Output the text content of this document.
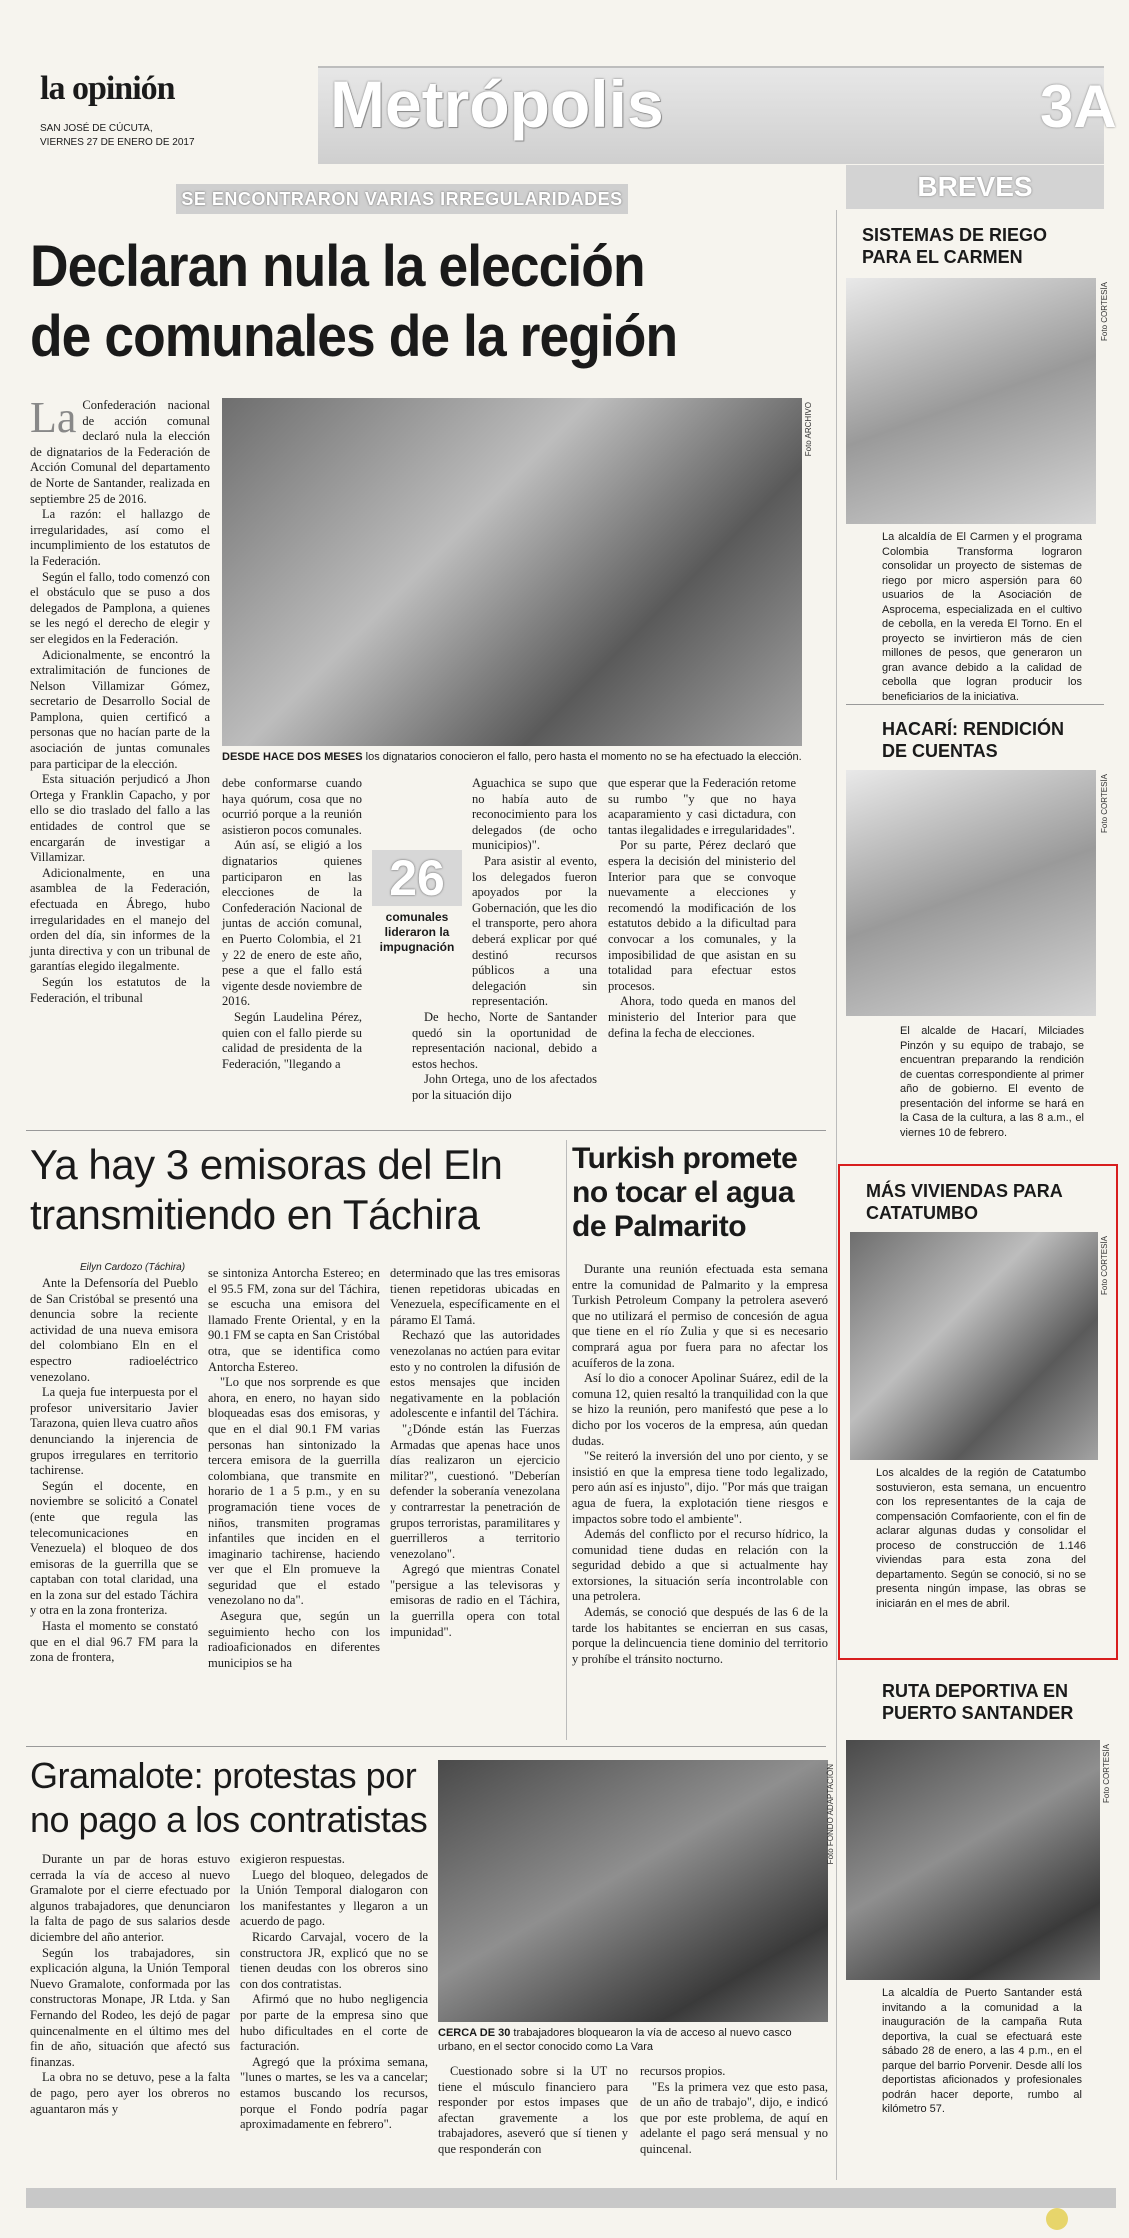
la opinión
SAN JOSÉ DE CÚCUTA,
VIERNES 27 DE ENERO DE 2017
Metrópolis	3A
BREVES
SE ENCONTRARON VARIAS IRREGULARIDADES
Declaran nula la elección
de comunales de la región
La Confederación nacional de acción comunal declaró nula la elección de dignatarios de la Federación de Acción Comunal del departamento de Norte de Santander, realizada en septiembre 25 de 2016.

La razón: el hallazgo de irregularidades, así como el incumplimiento de los estatutos de la Federación.

Según el fallo, todo comenzó con el obstáculo que se puso a dos delegados de Pamplona, a quienes se les negó el derecho de elegir y ser elegidos en la Federación.

Adicionalmente, se encontró la extralimitación de funciones de Nelson Villamizar Gómez, secretario de Desarrollo Social de Pamplona, quien certificó a personas que no hacían parte de la asociación de juntas comunales para participar de la elección.

Esta situación perjudicó a Jhon Ortega y Franklin Capacho, y por ello se dio traslado del fallo a las entidades de control que se encargarán de investigar a Villamizar.

Adicionalmente, en una asamblea de la Federación, efectuada en Ábrego, hubo irregularidades en el manejo del orden del día, sin informes de la junta directiva y con un tribunal de garantías elegido ilegalmente.

Según los estatutos de la Federación, el tribunal

Foto ARCHIVO
DESDE HACE DOS MESES los dignatarios conocieron el fallo, pero hasta el momento no se ha efectuado la elección.

debe conformarse cuando haya quórum, cosa que no ocurrió porque a la reunión asistieron pocos comunales.

Aún así, se eligió a los dignatarios quienes participaron en las elecciones de la Confederación Nacional de juntas de acción comunal, en Puerto Colombia, el 21 y 22 de enero de este año, pese a que el fallo está vigente desde noviembre de 2016.

Según Laudelina Pérez, quien con el fallo pierde su calidad de presidenta de la Federación, "llegando a

26
comunales lideraron la impugnación

Aguachica se supo que no había auto de reconocimiento para los delegados (de ocho municipios)".

Para asistir al evento, los delegados fueron apoyados por la Gobernación, que les dio el transporte, pero ahora deberá explicar por qué destinó recursos públicos a una delegación sin representación.

De hecho, Norte de Santander quedó sin la oportunidad de representación nacional, debido a estos hechos.

John Ortega, uno de los afectados por la situación dijo

que esperar que la Federación retome su rumbo "y que no haya acaparamiento y casi dictadura, con tantas ilegalidades e irregularidades".

Por su parte, Pérez declaró que espera la decisión del ministerio del Interior para que se convoque nuevamente a elecciones y recomendó la modificación de los estatutos debido a la dificultad para convocar a los comunales, y la imposibilidad de que asistan en su totalidad para efectuar estos procesos.

Ahora, todo queda en manos del ministerio del Interior para que defina la fecha de elecciones.

Ya hay 3 emisoras del Eln
transmitiendo en Táchira
Eilyn Cardozo (Táchira)

Ante la Defensoría del Pueblo de San Cristóbal se presentó una denuncia sobre la reciente actividad de una nueva emisora del colombiano Eln en el espectro radioeléctrico venezolano.

La queja fue interpuesta por el profesor universitario Javier Tarazona, quien lleva cuatro años denunciando la injerencia de grupos irregulares en territorio tachirense.

Según el docente, en noviembre se solicitó a Conatel (ente que regula las telecomunicaciones en Venezuela) el bloqueo de dos emisoras de la guerrilla que se captaban con total claridad, una en la zona sur del estado Táchira y otra en la zona fronteriza.

Hasta el momento se constató que en el dial 96.7 FM para la zona de frontera,

se sintoniza Antorcha Estereo; en el 95.5 FM, zona sur del Táchira, se escucha una emisora del llamado Frente Oriental, y en la 90.1 FM se capta en San Cristóbal otra, que se identifica como Antorcha Estereo.

"Lo que nos sorprende es que ahora, en enero, no hayan sido bloqueadas esas dos emisoras, y que en el dial 90.1 FM varias personas han sintonizado la tercera emisora de la guerrilla colombiana, que transmite en horario de 1 a 5 p.m., y en su programación tiene voces de niños, transmiten programas infantiles que inciden en el imaginario tachirense, haciendo ver que el Eln promueve la seguridad que el estado venezolano no da".

Asegura que, según un seguimiento hecho con los radioaficionados en diferentes municipios se ha

determinado que las tres emisoras tienen repetidoras ubicadas en Venezuela, específicamente en el páramo El Tamá.

Rechazó que las autoridades venezolanas no actúen para evitar esto y no controlen la difusión de estos mensajes que inciden negativamente en la población adolescente e infantil del Táchira.

"¿Dónde están las Fuerzas Armadas que apenas hace unos días realizaron un ejercicio militar?", cuestionó. "Deberían defender la soberanía venezolana y contrarrestar la penetración de grupos terroristas, paramilitares y guerrilleros a territorio venezolano".

Agregó que mientras Conatel "persigue a las televisoras y emisoras de radio en el Táchira, la guerrilla opera con total impunidad".

Turkish promete no tocar el agua de Palmarito

Durante una reunión efectuada esta semana entre la comunidad de Palmarito y la empresa Turkish Petroleum Company la petrolera aseveró que no utilizará el permiso de concesión de agua que tiene en el río Zulia y que si es necesario comprará agua por fuera para no afectar los acuíferos de la zona.

Así lo dio a conocer Apolinar Suárez, edil de la comuna 12, quien resaltó la tranquilidad con la que se hizo la reunión, pero manifestó que pese a lo dicho por los voceros de la empresa, aún quedan dudas.

"Se reiteró la inversión del uno por ciento, y se insistió en que la empresa tiene todo legalizado, pero aún así es injusto", dijo. "Por más que traigan agua de fuera, la explotación tiene riesgos e impactos sobre todo el ambiente".

Además del conflicto por el recurso hídrico, la comunidad tiene dudas en relación con la seguridad debido a que si actualmente hay extorsiones, la situación sería incontrolable con una petrolera.

Además, se conoció que después de las 6 de la tarde los habitantes se encierran en sus casas, porque la delincuencia tiene dominio del territorio y prohíbe el tránsito nocturno.

Gramalote: protestas por
no pago a los contratistas	Foto FONDO ADAPTACIÓN
CERCA DE 30 trabajadores bloquearon la vía de acceso al nuevo casco urbano, en el sector conocido como La Vara

Durante un par de horas estuvo cerrada la vía de acceso al nuevo Gramalote por el cierre efectuado por algunos trabajadores, que denunciaron la falta de pago de sus salarios desde diciembre del año anterior.

Según los trabajadores, sin explicación alguna, la Unión Temporal Nuevo Gramalote, conformada por las constructoras Monape, JR Ltda. y San Fernando del Rodeo, les dejó de pagar quincenalmente en el último mes del fin de año, situación que afectó sus finanzas.

La obra no se detuvo, pese a la falta de pago, pero ayer los obreros no aguantaron más y

exigieron respuestas.

Luego del bloqueo, delegados de la Unión Temporal dialogaron con los manifestantes y llegaron a un acuerdo de pago.

Ricardo Carvajal, vocero de la constructora JR, explicó que no se tienen deudas con los obreros sino con dos contratistas.

Afirmó que no hubo negligencia por parte de la empresa sino que hubo dificultades en el corte de facturación.

Agregó que la próxima semana, "lunes o martes, se les va a cancelar; estamos buscando los recursos, porque el Fondo podría pagar aproximadamente en febrero".

Cuestionado sobre si la UT no tiene el músculo financiero para responder por estos impases que afectan gravemente a los trabajadores, aseveró que sí tienen y que responderán con

recursos propios.

"Es la primera vez que esto pasa, de un año de trabajo", dijo, e indicó que por este problema, de aquí en adelante el pago será mensual y no quincenal.

SISTEMAS DE RIEGO PARA EL CARMEN
Foto CORTESÍA
La alcaldía de El Carmen y el programa Colombia Transforma lograron consolidar un proyecto de sistemas de riego por micro aspersión para 60 usuarios de la Asociación de Asprocema, especializada en el cultivo de cebolla, en la vereda El Torno. En el proyecto se invirtieron más de cien millones de pesos, que generaron un gran avance debido a la calidad de cebolla que logran producir los beneficiarios de la iniciativa.
HACARÍ: RENDICIÓN DE CUENTAS
Foto CORTESÍA
El alcalde de Hacarí, Milciades Pinzón y su equipo de trabajo, se encuentran preparando la rendición de cuentas correspondiente al primer año de gobierno. El evento de presentación del informe se hará en la Casa de la cultura, a las 8 a.m., el viernes 10 de febrero.
MÁS VIVIENDAS PARA CATATUMBO
Foto CORTESÍA
Los alcaldes de la región de Catatumbo sostuvieron, esta semana, un encuentro con los representantes de la caja de compensación Comfaoriente, con el fin de aclarar algunas dudas y consolidar el proceso de construcción de 1.146 viviendas para esta zona del departamento. Según se conoció, si no se presenta ningún impase, las obras se iniciarán en el mes de abril.
RUTA DEPORTIVA EN PUERTO SANTANDER
Foto CORTESÍA
La alcaldía de Puerto Santander está invitando a la comunidad a la inauguración de la campaña Ruta deportiva, la cual se efectuará este sábado 28 de enero, a las 4 p.m., en el parque del barrio Porvenir. Desde allí los deportistas aficionados y profesionales podrán hacer deporte, rumbo al kilómetro 57.
